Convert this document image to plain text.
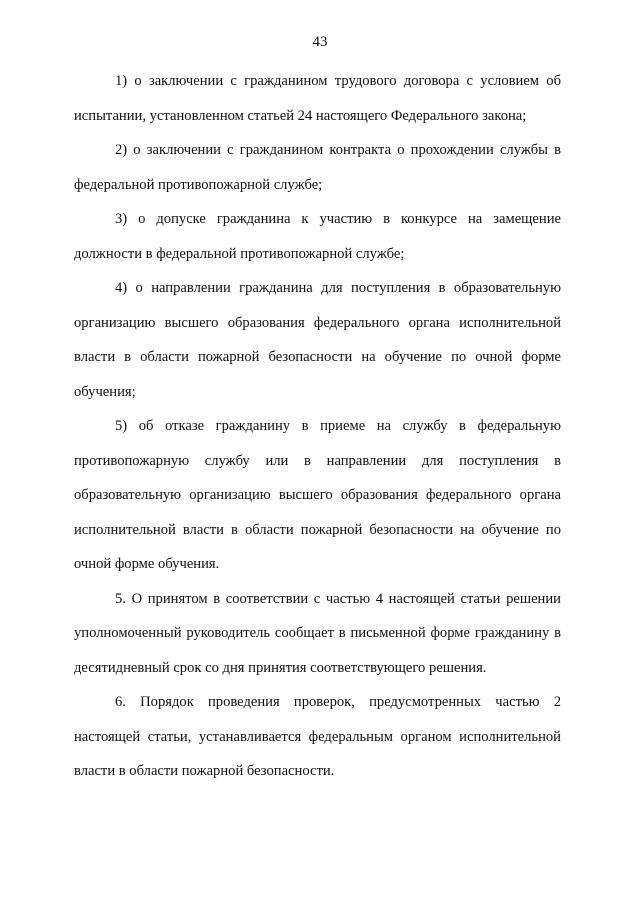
43

1) о заключении с гражданином трудового договора с условием об испытании, установленном статьей 24 настоящего Федерального закона;

2) о заключении с гражданином контракта о прохождении службы в федеральной противопожарной службе;

3) о допуске гражданина к участию в конкурсе на замещение должности в федеральной противопожарной службе;

4) о направлении гражданина для поступления в образовательную организацию высшего образования федерального органа исполнительной власти в области пожарной безопасности на обучение по очной форме обучения;

5) об отказе гражданину в приеме на службу в федеральную противопожарную службу или в направлении для поступления в образовательную организацию высшего образования федерального органа исполнительной власти в области пожарной безопасности на обучение по очной форме обучения.

5. О принятом в соответствии с частью 4 настоящей статьи решении уполномоченный руководитель сообщает в письменной форме гражданину в десятидневный срок со дня принятия соответствующего решения.

6. Порядок проведения проверок, предусмотренных частью 2 настоящей статьи, устанавливается федеральным органом исполнительной власти в области пожарной безопасности.
